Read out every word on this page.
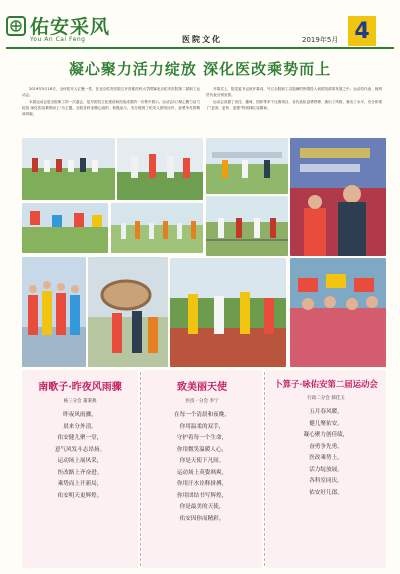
佑安采风
You An Cai Feng	医院文化	2019年5月 4
凝心聚力活力绽放 深化医改乘势而上

2019年5月18日，全体佑安人汇聚一堂，在北京佑安医院召开首都医科大学附属北京佑安医院第二届职工运动会。

本届运动会是全院职工的一次盛会，是对医院文化建设和医改成果的一次集中展示。运动会以"凝心聚力活力绽放 深化医改乘势而上"为主题，全院各科室精心组织、积极参与，充分展现了佑安人团结协作、奋勇争先的精神风貌。

开幕式上，院党委书记致开幕词，号召全院职工以饱满的热情投入到医院改革发展之中。运动员代表、裁判员代表分别宣誓。

运动会设置了田径、趣味、团体等多个比赛项目，各代表队奋勇拼搏，赛出了风格、赛出了水平，充分体现了"更高、更快、更强"的奥林匹克精神。

南歌子·昨夜风雨骤
核三分会 董秉燕
昨夜风雨骤，
晨来分外清。
佑安健儿聚一堂，
意气风发斗志昂扬。
运动场上展风采，
医改路上齐奋进。
乘势而上开新局，
佑安明天更辉煌。
致美丽天使
医技一分会 李宁
在每一个清晨和夜晚，
你用温柔的双手，
守护着每一个生命，
你用微笑温暖人心，
你是天使下凡间。
运动场上英姿飒爽，
你用汗水诠释拼搏，
你用团结书写辉煌，
你是最美的天使，
佑安因你而精彩。
卜算子·咏佑安第二届运动会
行政二分会 郝佳玉
五月春风暖，
健儿聚佑安。
凝心聚力创佳绩，
奋勇争先勇。
医改乘势上，
活力绽放展，
各科室同庆，
佑安好儿郎。
